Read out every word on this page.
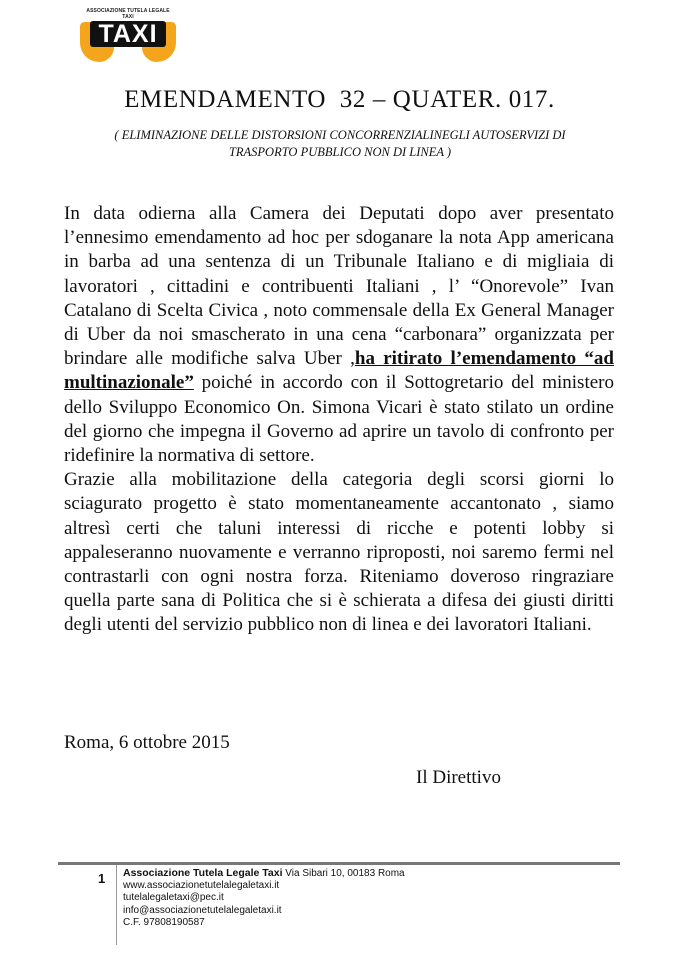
ASSOCIAZIONE TUTELA LEGALE TAXI
TAXI
EMENDAMENTO  32 – QUATER. 017.
( ELIMINAZIONE DELLE DISTORSIONI CONCORRENZIALINEGLI AUTOSERVIZI DI TRASPORTO PUBBLICO NON DI LINEA )

In data odierna alla Camera dei Deputati dopo aver presentato l’ennesimo emendamento ad hoc per sdoganare la nota App americana in barba ad una sentenza di un Tribunale Italiano e di migliaia di lavoratori , cittadini e contribuenti Italiani , l’ “Onorevole” Ivan Catalano di Scelta Civica , noto commensale della Ex General Manager di Uber da noi smascherato in una cena “carbonara” organizzata per brindare alle modifiche salva Uber ,ha ritirato l’emendamento “ad multinazionale” poiché in accordo con il Sottogretario del ministero dello Sviluppo Economico On. Simona Vicari è stato stilato un ordine del giorno che impegna il Governo ad aprire un tavolo di confronto per ridefinire la normativa di settore.

Grazie alla mobilitazione della categoria degli scorsi giorni lo sciagurato progetto è stato momentaneamente accantonato , siamo altresì certi che taluni interessi di ricche e potenti lobby si appaleseranno nuovamente e verranno riproposti, noi saremo fermi nel contrastarli con ogni nostra forza. Riteniamo doveroso ringraziare quella parte sana di Politica che si è schierata a difesa dei giusti diritti degli utenti del servizio pubblico non di linea e dei lavoratori Italiani.

Roma, 6 ottobre 2015
Il Direttivo
1 Associazione Tutela Legale Taxi Via Sibari 10, 00183 Roma
www.associazionetutelalegaletaxi.it
tutelalegaletaxi@pec.it
info@associazionetutelalegaletaxi.it
C.F. 97808190587
